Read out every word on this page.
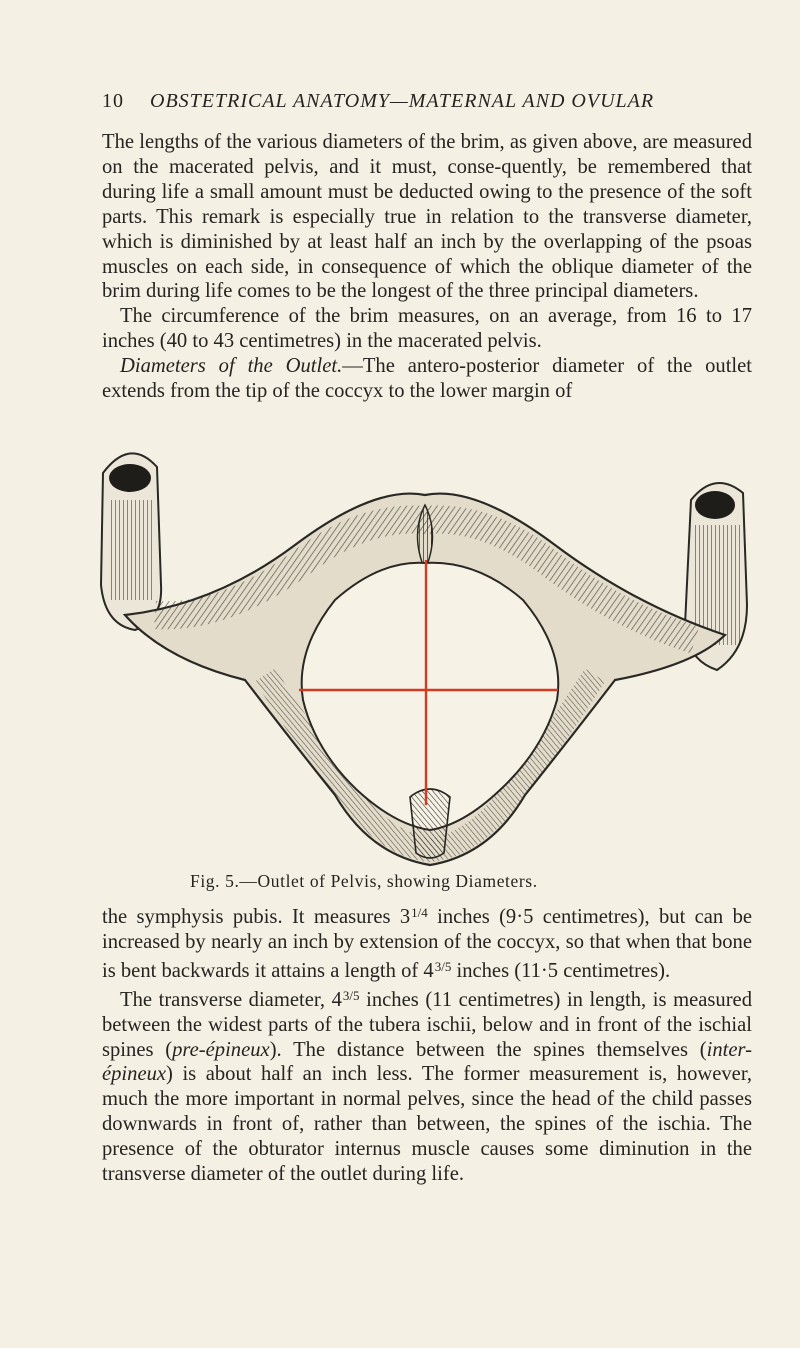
10 OBSTETRICAL ANATOMY—MATERNAL AND OVULAR

The lengths of the various diameters of the brim, as given above, are measured on the macerated pelvis, and it must, conse-quently, be remembered that during life a small amount must be deducted owing to the presence of the soft parts. This remark is especially true in relation to the transverse diameter, which is diminished by at least half an inch by the overlapping of the psoas muscles on each side, in consequence of which the oblique diameter of the brim during life comes to be the longest of the three principal diameters.

The circumference of the brim measures, on an average, from 16 to 17 inches (40 to 43 centimetres) in the macerated pelvis.

Diameters of the Outlet.—The antero-posterior diameter of the outlet extends from the tip of the coccyx to the lower margin of

Fig. 5.—Outlet of Pelvis, showing Diameters.

the symphysis pubis. It measures $3^{1/4}$ inches (9·5 centimetres), but can be increased by nearly an inch by extension of the coccyx, so that when that bone is bent backwards it attains a length of $4^{3/5}$ inches (11·5 centimetres).

The transverse diameter, $4^{3/5}$ inches (11 centimetres) in length, is measured between the widest parts of the tubera ischii, below and in front of the ischial spines (pre-épineux). The distance between the spines themselves (inter-épineux) is about half an inch less. The former measurement is, however, much the more important in normal pelves, since the head of the child passes downwards in front of, rather than between, the spines of the ischia. The presence of the obturator internus muscle causes some diminution in the transverse diameter of the outlet during life.
